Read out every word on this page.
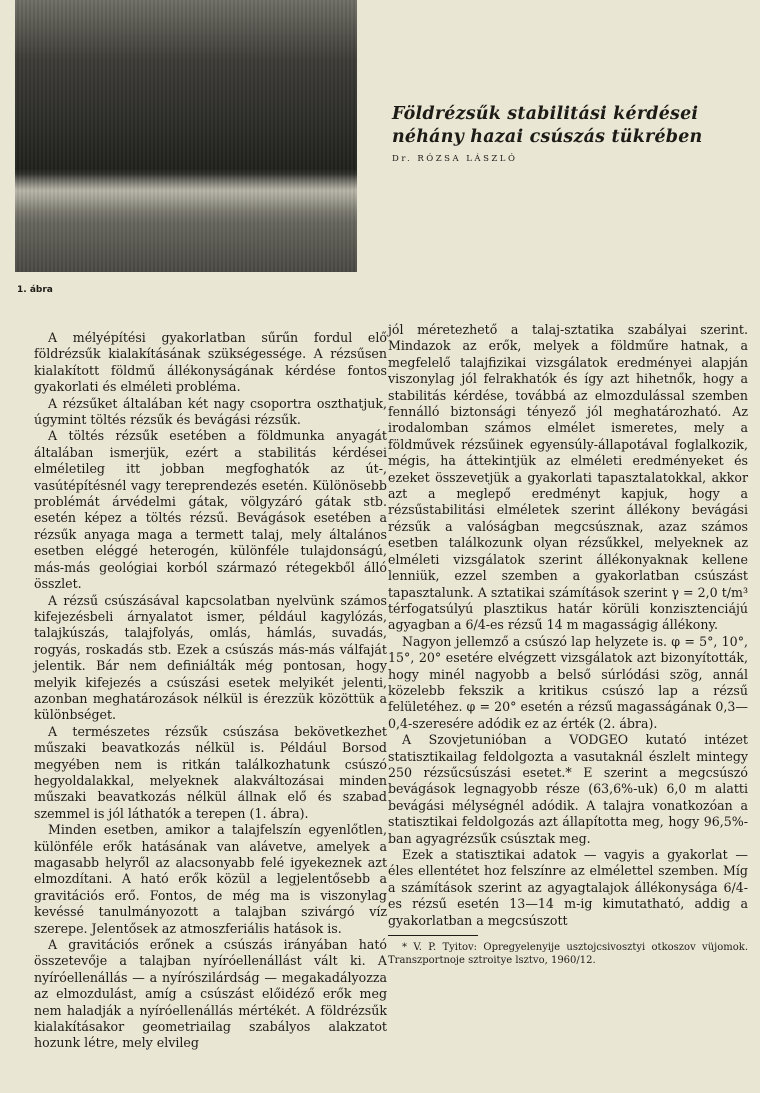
1. ábra
Földrézsűk stabilitási kérdései néhány hazai csúszás tükrében
Dr. RÓZSA LÁSZLÓ

A mélyépítési gyakorlatban sűrűn fordul elő földrézsűk kialakításának szükségessége. A rézsűsen kialakított földmű állékonyságának kérdése fontos gyakorlati és elméleti probléma.

A rézsűket általában két nagy csoportra oszthatjuk, úgymint töltés rézsűk és bevágási rézsűk.

A töltés rézsűk esetében a földmunka anyagát általában ismerjük, ezért a stabilitás kérdései elméletileg itt jobban megfoghatók az út-, vasútépítésnél vagy tereprendezés esetén. Különösebb problémát árvédelmi gátak, völgyzáró gátak stb. esetén képez a töltés rézsű. Bevágások esetében a rézsűk anyaga maga a termett talaj, mely általános esetben eléggé heterogén, különféle tulajdonságú, más-más geológiai korból származó rétegekből álló összlet.

A rézsű csúszásával kapcsolatban nyelvünk számos kifejezésbeli árnyalatot ismer, például kagylózás, talajkúszás, talajfolyás, omlás, hámlás, suvadás, rogyás, roskadás stb. Ezek a csúszás más-más válfaját jelentik. Bár nem definiálták még pontosan, hogy melyik kifejezés a csúszási esetek melyikét jelenti, azonban meghatározások nélkül is érezzük közöttük a különbséget.

A természetes rézsűk csúszása bekövetkezhet műszaki beavatkozás nélkül is. Például Borsod megyében nem is ritkán találkozhatunk csúszó hegyoldalakkal, melyeknek alakváltozásai minden műszaki beavatkozás nélkül állnak elő és szabad szemmel is jól láthatók a terepen (1. ábra).

Minden esetben, amikor a talajfelszín egyenlőtlen, különféle erők hatásának van alávetve, amelyek a magasabb helyről az alacsonyabb felé igyekeznek azt elmozdítani. A ható erők közül a legjelentősebb a gravitációs erő. Fontos, de még ma is viszonylag kevéssé tanulmányozott a talajban szivárgó víz szerepe. Jelentősek az atmoszferiális hatások is.

A gravitációs erőnek a csúszás irányában ható összetevője a talajban nyíróellenállást vált ki. A nyíróellenállás — a nyírószilárdság — megakadályozza az elmozdulást, amíg a csúszást előidéző erők meg nem haladják a nyíróellenállás mértékét. A földrézsűk kialakításakor geometriailag szabályos alakzatot hozunk létre, mely elvileg

jól méretezhető a talaj-sztatika szabályai szerint. Mindazok az erők, melyek a földműre hatnak, a megfelelő talajfizikai vizsgálatok eredményei alapján viszonylag jól felrakhatók és így azt hihetnők, hogy a stabilitás kérdése, továbbá az elmozdulással szemben fennálló biztonsági tényező jól meghatározható. Az irodalomban számos elmélet ismeretes, mely a földművek rézsűinek egyensúly-állapotával foglalkozik, mégis, ha áttekintjük az elméleti eredményeket és ezeket összevetjük a gyakorlati tapasztalatokkal, akkor azt a meglepő eredményt kapjuk, hogy a rézsűstabilitási elméletek szerint állékony bevágási rézsűk a valóságban megcsúsznak, azaz számos esetben találkozunk olyan rézsűkkel, melyeknek az elméleti vizsgálatok szerint állékonyaknak kellene lenniük, ezzel szemben a gyakorlatban csúszást tapasztalunk. A sztatikai számítások szerint γ = 2,0 t/m³ térfogatsúlyú plasztikus határ körüli konzisztenciájú agyagban a 6/4-es rézsű 14 m magasságig állékony.

Nagyon jellemző a csúszó lap helyzete is. φ = 5°, 10°, 15°, 20° esetére elvégzett vizsgálatok azt bizonyították, hogy minél nagyobb a belső súrlódási szög, annál közelebb fekszik a kritikus csúszó lap a rézsű felületéhez. φ = 20° esetén a rézsű magasságának 0,3—0,4-szeresére adódik ez az érték (2. ábra).

A Szovjetunióban a VODGEO kutató intézet statisztikailag feldolgozta a vasutaknál észlelt mintegy 250 rézsűcsúszási esetet.* E szerint a megcsúszó bevágások legnagyobb része (63,6%-uk) 6,0 m alatti bevágási mélységnél adódik. A talajra vonatkozóan a statisztikai feldolgozás azt állapította meg, hogy 96,5%-ban agyagrézsűk csúsztak meg.

Ezek a statisztikai adatok — vagyis a gyakorlat — éles ellentétet hoz felszínre az elmélettel szemben. Míg a számítások szerint az agyagtalajok állékonysága 6/4-es rézsű esetén 13—14 m-ig kimutatható, addig a gyakorlatban a megcsúszott

* V. P. Tyitov: Opregyelenyije usztojcsivosztyi otkoszov vüjomok. Transzportnoje sztroitye lsztvo, 1960/12.
